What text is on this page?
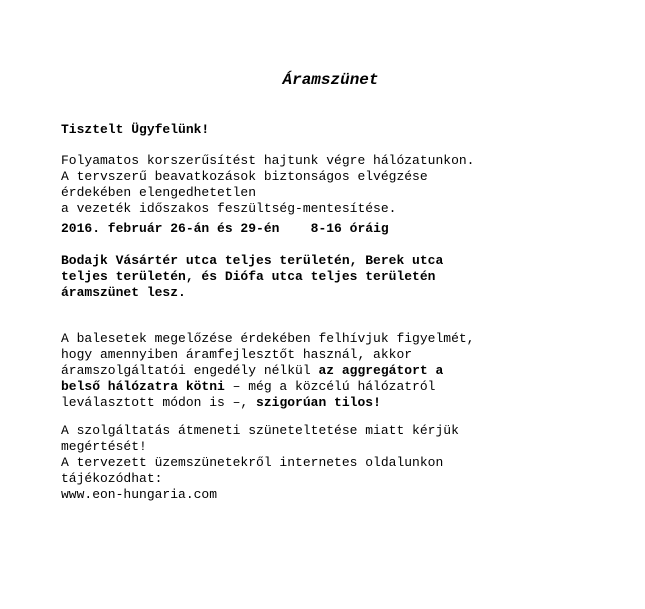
Áramszünet
Tisztelt Ügyfelünk!
Folyamatos korszerűsítést hajtunk végre hálózatunkon.
A tervszerű beavatkozások biztonságos elvégzése
érdekében elengedhetetlen
a vezeték időszakos feszültség-mentesítése.
2016. február 26-án és 29-én 8-16 óráig
Bodajk Vásártér utca teljes területén, Berek utca
teljes területén, és Diófa utca teljes területén
áramszünet lesz.
A balesetek megelőzése érdekében felhívjuk figyelmét,
hogy amennyiben áramfejlesztőt használ, akkor
áramszolgáltatói engedély nélkül az aggregátort a
belső hálózatra kötni – még a közcélú hálózatról
leválasztott módon is –, szigorúan tilos!
A szolgáltatás átmeneti szüneteltetése miatt kérjük
megértését!
A tervezett üzemszünetekről internetes oldalunkon
tájékozódhat:
www.eon-hungaria.com
